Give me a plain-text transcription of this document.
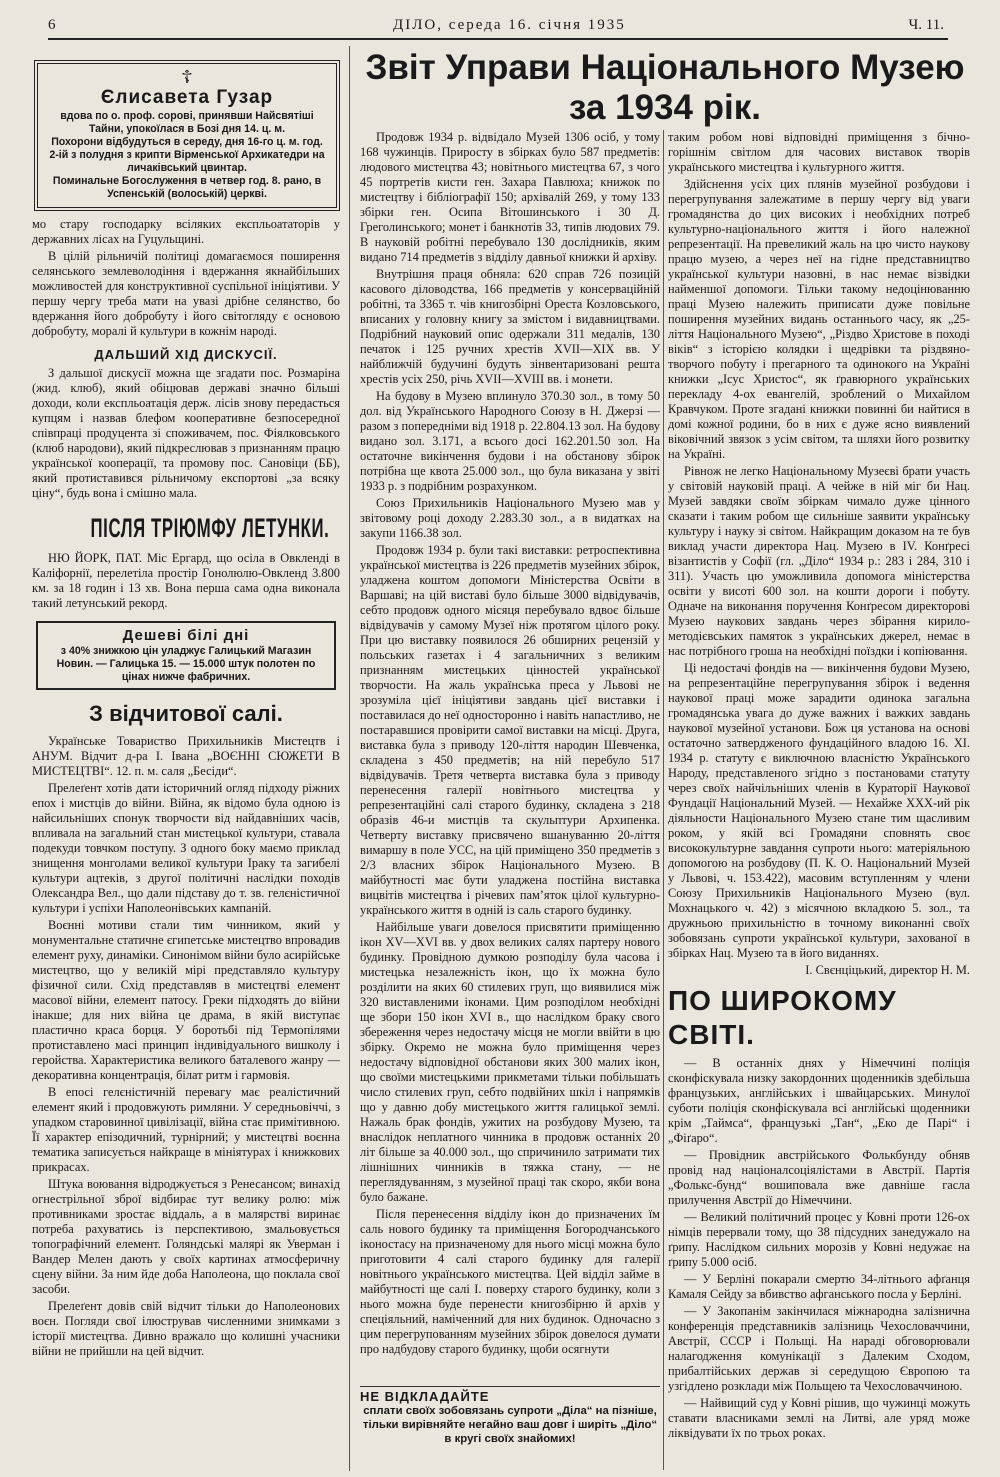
6	ДІЛО, середа 16. січня 1935	Ч. 11.
☦
Єлисавета Гузар
вдова по о. проф. сорові, принявши Найсвятіші Тайни, упокоїлася в Бозі дня 14. ц. м.
Похорони відбудуться в середу, дня 16-го ц. м. год. 2-ій з полудня з крипти Вірменської Архикатедри на личаківський цвинтар.
Поминальне Богослуження в четвер год. 8. рано, в Успенській (волоській) церкві.

мо стару господарку всіляких експльоататорів у державних лісах на Гуцульщині.

В цілій рільничій політиці домагаємося поширення селянського землеволодіння і вдержання якнайбільших можливостей для конструктивної суспільної ініціятиви. У першу чергу треба мати на увазі дрібне селянство, бо вдержання його добробуту і його світогляду є основою добробуту, моралі й культури в кожнім народі.

ДАЛЬШИЙ ХІД ДИСКУСІЇ.

З дальшої дискусії можна ще згадати пос. Розмаріна (жид. клюб), який обіцював державі значно більші доходи, коли експльоатація держ. лісів знову передасться купцям і назвав блефом кооперативне безпосередної співпраці продуцента зі споживачем, пос. Фіялковського (клюб народови), який підкреслював з признанням працю української кооперації, та промову пос. Сановіци (ББ), який протиставився рільничому експортові „за всяку ціну“, будь вона і смішно мала.

ПІСЛЯ ТРІЮМФУ ЛЕТУНКИ.

НЮ ЙОРК, ПАТ. Міс Ергард, що осіла в Овкленді в Каліфорнії, перелетіла простір Гонолюлю-Овкленд 3.800 км. за 18 годин і 13 хв. Вона перша сама одна виконала такий летунський рекорд.

Дешеві білі дні
з 40% знижкою цін уладжує Галицький Магазин Новин. — Галицька 15. — 15.000 штук полотен по цінах нижче фабричних.
З відчитової салі.

Українське Товариство Прихильників Мистецтв і АНУМ. Відчит д-ра І. Івана „ВОЄННІ СЮЖЕТИ В МИСТЕЦТВІ“. 12. п. м. саля „Бесіди“.

Прелеґент хотів дати історичний огляд підходу ріжних епох і мистців до війни. Війна, як відомо була одною із найсильніших спонук творчости від найдавніших часів, впливала на загальний стан мистецької культури, ставала подекуди товчком поступу. З одного боку маємо приклад знищення монголами великої культури Іраку та загибелі культури ацтеків, з другої політичні наслідки походів Олександра Вел., що дали підставу до т. зв. гелєністичної культури і успіхи Наполеонівських кампаній.

Воєнні мотиви стали тим чинником, який у монументальне статичне єгипетське мистецтво впровадив елемент руху, динаміки. Синонімом війни було асирійське мистецтво, що у великій мірі представляло культуру фізичної сили. Схід представляв в мистецтві елемент масової війни, елемент патосу. Греки підходять до війни інакше; для них війна це драма, в якій виступає пластично краса борця. У боротьбі під Термопілями протиставлено масі принцип індивідуального вишколу і геройства. Характеристика великого баталевого жанру — декоративна концентрація, білат ритм і гармовія.

В епосі гелєністичній перевагу має реалістичний елемент який і продовжують римляни. У середньовіччі, з упадком старовинної цивілізації, війна стає примітивною. Її характер епізодичний, турнірний; у мистецтві воєнна тематика записується найкраще в мініятурах і книжкових прикрасах.

Штука воювання відроджується з Ренесансом; винахід огнестрільної зброї відбирає тут велику ролю: між противниками зростає віддаль, а в малярстві виринає потреба рахуватись із перспективою, змальовується топографічний елемент. Голяндські малярі як Уверман і Вандер Мелен дають у своїх картинах атмосферичну сцену війни. За ним йде доба Наполеона, що поклала свої засоби.

Прелеґент довів свій відчит тільки до Наполеонових воєн. Погляди свої ілюстрував численними знимками з історії мистецтва. Дивно вражало що колишні учасники війни не прийшли на цей відчит.

Звіт Управи Національного Музею
за 1934 рік.

Продовж 1934 р. відвідало Музей 1306 осіб, у тому 168 чужинців. Приросту в збірках було 587 предметів: людового мистецтва 43; новітнього мистецтва 67, з чого 45 портретів кисти ген. Захара Павлюха; книжок по мистецтву і бібліографії 150; архівалій 269, у тому 133 збірки ген. Осипа Вітошинського і 30 Д. Греголинського; монет і банкнотів 33, типів людових 79. В науковій робітні перебувало 130 дослідників, яким видано 714 предметів з відділу давньої книжки й архіву.

Внутрішня праця обняла: 620 справ 726 позицій касового діловодства, 166 предметів у консерваційній робітні, та 3365 т. чів книгозбірні Ореста Козловського, вписаних у головну книгу за змістом і видавництвами. Подрібний науковий опис одержали 311 медалів, 130 печаток і 125 ручних хрестів XVII—XIX вв. У найближчій будучині будуть зінвентаризовані решта хрестів усіх 250, річь XVII—XVIII вв. і монети.

На будову в Музею вплинуло 370.30 зол., в тому 50 дол. від Українського Народного Союзу в Н. Джерзі — разом з попередніми від 1918 р. 22.804.13 зол. На будову видано зол. 3.171, а всього досі 162.201.50 зол. На остаточне викінчення будови і на обстанову збірок потрібна ще квота 25.000 зол., що була виказана у звіті 1933 р. з подрібним розрахунком.

Союз Прихильників Національного Музею мав у звітовому році доходу 2.283.30 зол., а в видатках на закупи 1166.38 зол.

Продовж 1934 р. були такі виставки: ретроспективна української мистецтва із 226 предметів музейних збірок, уладжена коштом допомоги Міністерства Освіти в Варшаві; на цій виставі було більше 3000 відвідувачів, себто продовж одного місяця перебувало вдвоє більше відвідувачів у самому Музеї ніж протягом цілого року. При цю виставку появилося 26 обширних рецензій у польських газетах і 4 загальничних з великим признанням мистецьких цінностей української творчости. На жаль українська преса у Львові не зрозуміла цієї ініціятиви завдань цієї виставки і поставилася до неї односторонно і навіть напастливо, не постаравшися провірити самої виставки на місці. Друга, виставка була з приводу 120-ліття народин Шевченка, складена з 450 предметів; на ній перебуло 517 відвідувачів. Третя четверта виставка була з приводу перенесення галерії новітнього мистецтва у репрезентаційні салі старого будинку, складена з 218 образів 46-и мистців та скульптури Архипенка. Четверту виставку присвячено вшануванню 20-ліття вимаршу в поле УСС, на цій приміщено 350 предметів з 2/3 власних збірок Національного Музею. В майбутності має бути уладжена постійна виставка вицвітів мистецтва і річевих пам’яток цілої культурно-українського життя в одній із саль старого будинку.

Найбільше уваги довелося присвятити приміщенню ікон XV—XVI вв. у двох великих салях партеру нового будинку. Провідною думкою розподілу була часова і мистецька незалежність ікон, що їх можна було розділити на яких 60 стилевих груп, що виявилися між 320 виставленими іконами. Цим розподілом необхідні ще збори 150 ікон XVI в., що наслідком браку свого збереження через недостачу місця не могли ввійти в цю збірку. Окремо не можна було приміщення через недостачу відповідної обстанови яких 300 малих ікон, що своїми мистецькими прикметами тільки побільшать число стилевих груп, себто подвійних шкіл і напрямків що у давню добу мистецького життя галицької землі. Нажаль брак фондів, ужитих на розбудову Музею, та внаслідок неплатного чинника в продовж останніх 20 літ більше за 40.000 зол., що спричинило затримати тих лішнішних чинників в тяжка стану, — не переглядуванням, з музейної праці так скоро, якби вона було бажане.

Після перенесення відділу ікон до призначених їм саль нового будинку та приміщення Богородчанського іконостасу на призначеному для нього місці можна було приготовити 4 салі старого будинку для галерії новітнього українського мистецтва. Цей відділ займе в майбутності ще салі I. поверху старого будинку, коли з нього можна буде перенести книгозбірню й архів у спеціяльний, наміченний для них будинок. Одночасно з цим перегрупованням музейних збірок довелося думати про надбудову старого будинку, щоби осягнути

НЕ ВІДКЛАДАЙТЕ
сплати своїх зобовязань супроти „Діла“ на пізніше, тільки вирівняйте негайно ваш довг і ширіть „Діло“ в кругі своїх знайомих!

таким робом нові відповідні приміщення з бічно-горішнім світлом для часових виставок творів українського мистецтва і культурного життя.

Здійснення усіх цих плянів музейної розбудови і перегрупування залежатиме в першу чергу від уваги громадянства до цих високих і необхідних потреб культурно-національного життя і його належної репрезентації. На превеликий жаль на цю чисто наукову працю музею, а через неї на гідне представництво української культури назовні, в нас немає візвідки найменшої допомоги. Тільки такому недоцінюванню праці Музею належить приписати дуже повільне поширення музейних видань останнього часу, як „25-ліття Національного Музею“, „Різдво Христове в поході віків“ з історією колядки і щедрівки та різдвяно-творчого побуту і прегарного та одинокого на Україні книжки „Ісус Христос“, як ґравюрного українських перекладу 4-ох евангелій, зроблений о Михайлом Кравчуком. Проте згадані книжки повинні би найтися в домі кожної родини, бо в них є дуже ясно виявлений віковічний звязок з усім світом, та шляхи його розвитку на Україні.

Рівнож не легко Національному Музеєві брати участь у світовій науковій праці. А чейже в ній міг би Нац. Музей завдяки своїм збіркам чимало дуже цінного сказати і таким робом ще сильніше заявити українську культуру і науку зі світом. Найкращим доказом на те був виклад участи директора Нац. Музею в IV. Конґресі візантистів у Софії (гл. „Діло“ 1934 р.: 283 і 284, 310 і 311). Участь цю уможливила допомога міністерства освіти у висоті 600 зол. на кошти дороги і побуту. Одначе на виконання поручення Конґресом директорові Музею наукових завдань через збірання кирило-методієвських памяток з українських джерел, немає в нас потрібного гроша на необхідні поїздки і копіювання.

Ці недостачі фондів на — викінчення будови Музею, на репрезентаційне перегрупування збірок і ведення наукової праці може зарадити одинока загальна громадянська увага до дуже важних і важких завдань наукової музейної установи. Бож ця установа на основі остаточно затвердженого фундаційного владою 16. XI. 1934 р. статуту є виключною власністю Українського Народу, представленого згідно з постановами статуту через своїх найчільніших членів в Кураторії Наукової Фундації Національний Музей. — Нехайже XXX-ий рік діяльности Національного Музею стане тим щасливим роком, у якій всі Громадяни сповнять своє висококультурне завдання супроти нього: матеріяльною допомогою на розбудову (П. К. О. Національний Музей у Львові, ч. 153.422), масовим вступленням у члени Союзу Прихильників Національного Музею (вул. Мохнацького ч. 42) з місячною вкладкою 5. зол., та дружньою прихильністю в точному виконанні своїх зобовязань супроти української культури, захованої в збірках Нац. Музею та в його виданнях.

І. Свєнціцький, директор Н. М.
ПО ШИРОКОМУ СВІТІ.

— В останніх днях у Німеччині поліція сконфіскувала низку закордонних щоденників здебільша французьких, англійських і швайцарських. Минулої суботи поліція сконфіскувала всі англійські щоденники крім „Таймса“, французькі „Тан“, „Еко де Парі“ і „Фіґаро“.

— Провідник австрійського Фолькбунду обняв провід над націоналсоціялістами в Австрії. Партія „Фолькс-бунд“ вошиповала вже давніше гасла прилучення Австрії до Німеччини.

— Великий політичний процес у Ковні проти 126-ох німців перервали тому, що 38 підсудних занедужало на ґрипу. Наслідком сильних морозів у Ковні недужає на ґрипу 5.000 осіб.

— У Берліні покарали смертю 34-літнього афґанця Камаля Сейду за вбивство афганського посла у Берліні.

— У Закопанім закінчилася міжнародна залізнична конференція представників залізниць Чехословаччини, Австрії, СССР і Польщі. На нараді обговорювали налагодження комунікації з Далеким Сходом, прибалтійських держав зі середущою Європою та узгідлено розклади між Польщею та Чехословаччиною.

— Найвищий суд у Ковні рішив, що чужинці можуть ставати власниками землі на Литві, але уряд може ліквідувати їх по трьох роках.
